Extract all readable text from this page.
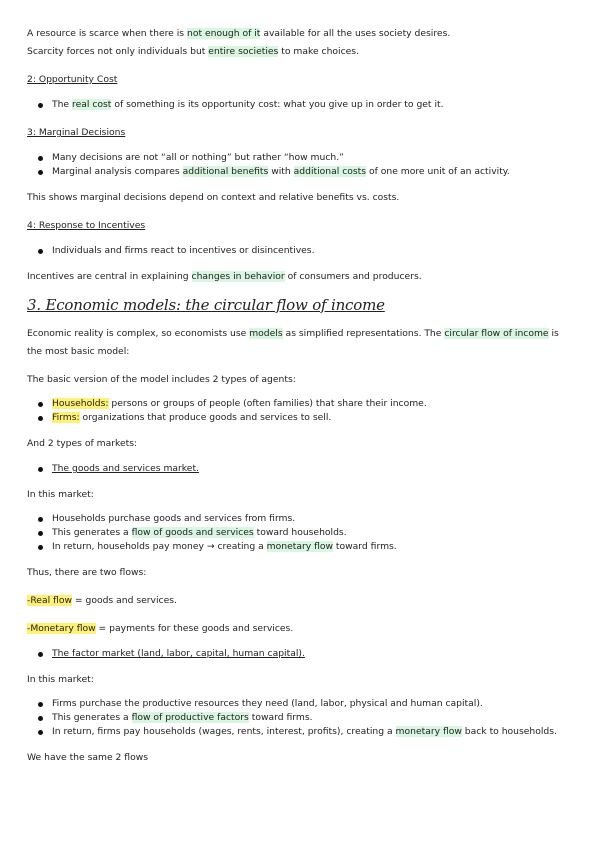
A resource is scarce when there is not enough of it available for all the uses society desires.

Scarcity forces not only individuals but entire societies to make choices.

2: Opportunity Cost

The real cost of something is its opportunity cost: what you give up in order to get it.

3: Marginal Decisions

Many decisions are not “all or nothing” but rather “how much.”
Marginal analysis compares additional benefits with additional costs of one more unit of an activity.

This shows marginal decisions depend on context and relative benefits vs. costs.

4: Response to Incentives

Individuals and firms react to incentives or disincentives.

Incentives are central in explaining changes in behavior of consumers and producers.

3. Economic models: the circular flow of income

Economic reality is complex, so economists use models as simplified representations. The circular flow of income is the most basic model:

The basic version of the model includes 2 types of agents:

Households: persons or groups of people (often families) that share their income.
Firms: organizations that produce goods and services to sell.

And 2 types of markets:

The goods and services market.

In this market:

Households purchase goods and services from firms.
This generates a flow of goods and services toward households.
In return, households pay money → creating a monetary flow toward firms.

Thus, there are two flows:

-Real flow = goods and services.

-Monetary flow = payments for these goods and services.

The factor market (land, labor, capital, human capital).

In this market:

Firms purchase the productive resources they need (land, labor, physical and human capital).
This generates a flow of productive factors toward firms.
In return, firms pay households (wages, rents, interest, profits), creating a monetary flow back to households.

We have the same 2 flows
